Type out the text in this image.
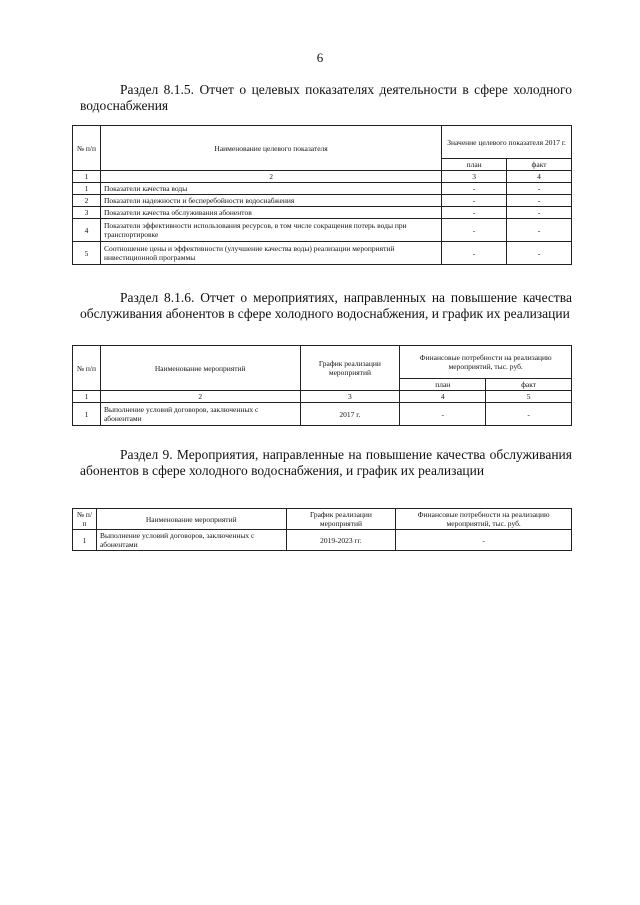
6
Раздел 8.1.5. Отчет о целевых показателях деятельности в сфере холодного водоснабжения
№ п/п	Наименование целевого показателя	Значение целевого показателя 2017 г.	
		план	факт
1	2	3	4
1	Показатели качества воды	-	-
2	Показатели надежности и бесперебойности водоснабжения	-	-
3	Показатели качества обслуживания абонентов	-	-
4	Показатели эффективности использования ресурсов, в том числе сокращения потерь воды при транспортировке	-	-
5	Соотношение цены и эффективности (улучшение качества воды) реализации мероприятий инвестиционной программы	-	-
Раздел 8.1.6. Отчет о мероприятиях, направленных на повышение качества обслуживания абонентов в сфере холодного водоснабжения, и график их реализации
№ п/п	Наименование мероприятий	График реализации мероприятий	Финансовые потребности на реализацию мероприятий, тыс. руб.	
			план	факт
1	2	3	4	5
1	Выполнение условий договоров, заключенных с абонентами	2017 г.	-	-
Раздел 9. Мероприятия, направленные на повышение качества обслуживания абонентов в сфере холодного водоснабжения, и график их реализации
№ п/п	Наименование мероприятий	График реализации мероприятий	Финансовые потребности на реализацию мероприятий, тыс. руб.
1	Выполнение условий договоров, заключенных с абонентами	2019-2023 гг.	-
